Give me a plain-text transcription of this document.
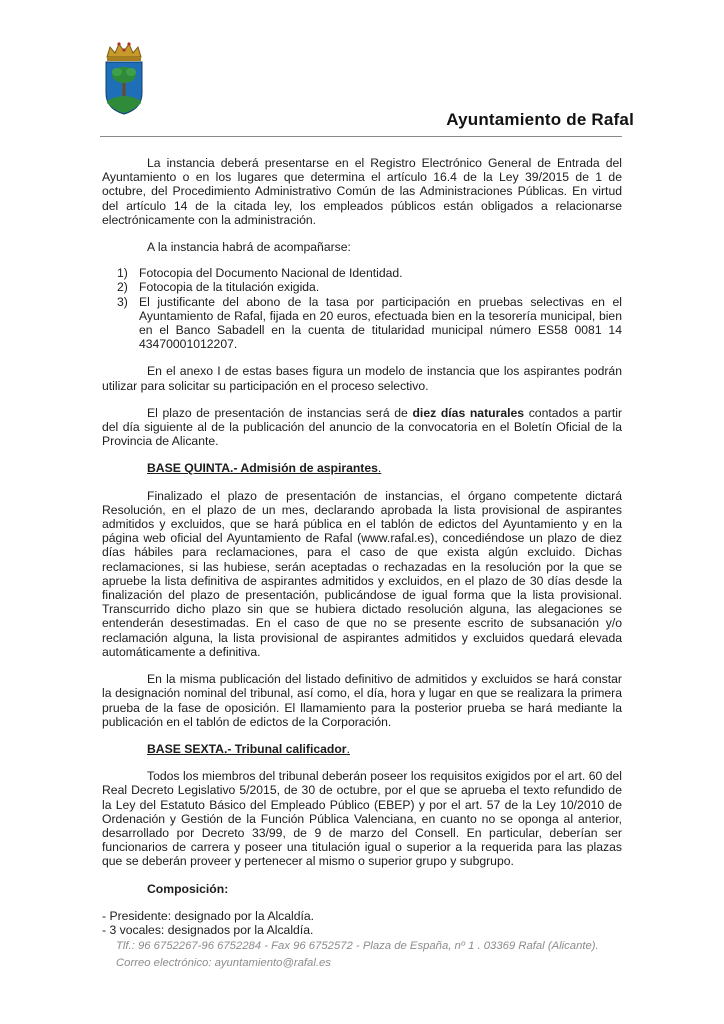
Ayuntamiento de Rafal

La instancia deberá presentarse en el Registro Electrónico General de Entrada del Ayuntamiento o en los lugares que determina el artículo 16.4 de la Ley 39/2015 de 1 de octubre, del Procedimiento Administrativo Común de las Administraciones Públicas. En virtud del artículo 14 de la citada ley, los empleados públicos están obligados a relacionarse electrónicamente con la administración.

A la instancia habrá de acompañarse:

1) Fotocopia del Documento Nacional de Identidad.
2) Fotocopia de la titulación exigida.
3) El justificante del abono de la tasa por participación en pruebas selectivas en el Ayuntamiento de Rafal, fijada en 20 euros, efectuada bien en la tesorería municipal, bien en el Banco Sabadell en la cuenta de titularidad municipal número ES58 0081 14 43470001012207.

En el anexo I de estas bases figura un modelo de instancia que los aspirantes podrán utilizar para solicitar su participación en el proceso selectivo.

El plazo de presentación de instancias será de diez días naturales contados a partir del día siguiente al de la publicación del anuncio de la convocatoria en el Boletín Oficial de la Provincia de Alicante.

BASE QUINTA.- Admisión de aspirantes.

Finalizado el plazo de presentación de instancias, el órgano competente dictará Resolución, en el plazo de un mes, declarando aprobada la lista provisional de aspirantes admitidos y excluidos, que se hará pública en el tablón de edictos del Ayuntamiento y en la página web oficial del Ayuntamiento de Rafal (www.rafal.es), concediéndose un plazo de diez días hábiles para reclamaciones, para el caso de que exista algún excluido. Dichas reclamaciones, si las hubiese, serán aceptadas o rechazadas en la resolución por la que se apruebe la lista definitiva de aspirantes admitidos y excluidos, en el plazo de 30 días desde la finalización del plazo de presentación, publicándose de igual forma que la lista provisional. Transcurrido dicho plazo sin que se hubiera dictado resolución alguna, las alegaciones se entenderán desestimadas. En el caso de que no se presente escrito de subsanación y/o reclamación alguna, la lista provisional de aspirantes admitidos y excluidos quedará elevada automáticamente a definitiva.

En la misma publicación del listado definitivo de admitidos y excluidos se hará constar la designación nominal del tribunal, así como, el día, hora y lugar en que se realizara la primera prueba de la fase de oposición. El llamamiento para la posterior prueba se hará mediante la publicación en el tablón de edictos de la Corporación.

BASE SEXTA.- Tribunal calificador.

Todos los miembros del tribunal deberán poseer los requisitos exigidos por el art. 60 del Real Decreto Legislativo 5/2015, de 30 de octubre, por el que se aprueba el texto refundido de la Ley del Estatuto Básico del Empleado Público (EBEP) y por el art. 57 de la Ley 10/2010 de Ordenación y Gestión de la Función Pública Valenciana, en cuanto no se oponga al anterior, desarrollado por Decreto 33/99, de 9 de marzo del Consell. En particular, deberían ser funcionarios de carrera y poseer una titulación igual o superior a la requerida para las plazas que se deberán proveer y pertenecer al mismo o superior grupo y subgrupo.

Composición:

- Presidente: designado por la Alcaldía.

- 3 vocales: designados por la Alcaldía.

Tlf.: 96 6752267-96 6752284 - Fax 96 6752572 - Plaza de España, nº 1 . 03369 Rafal (Alicante).

Correo electrónico: ayuntamiento@rafal.es
